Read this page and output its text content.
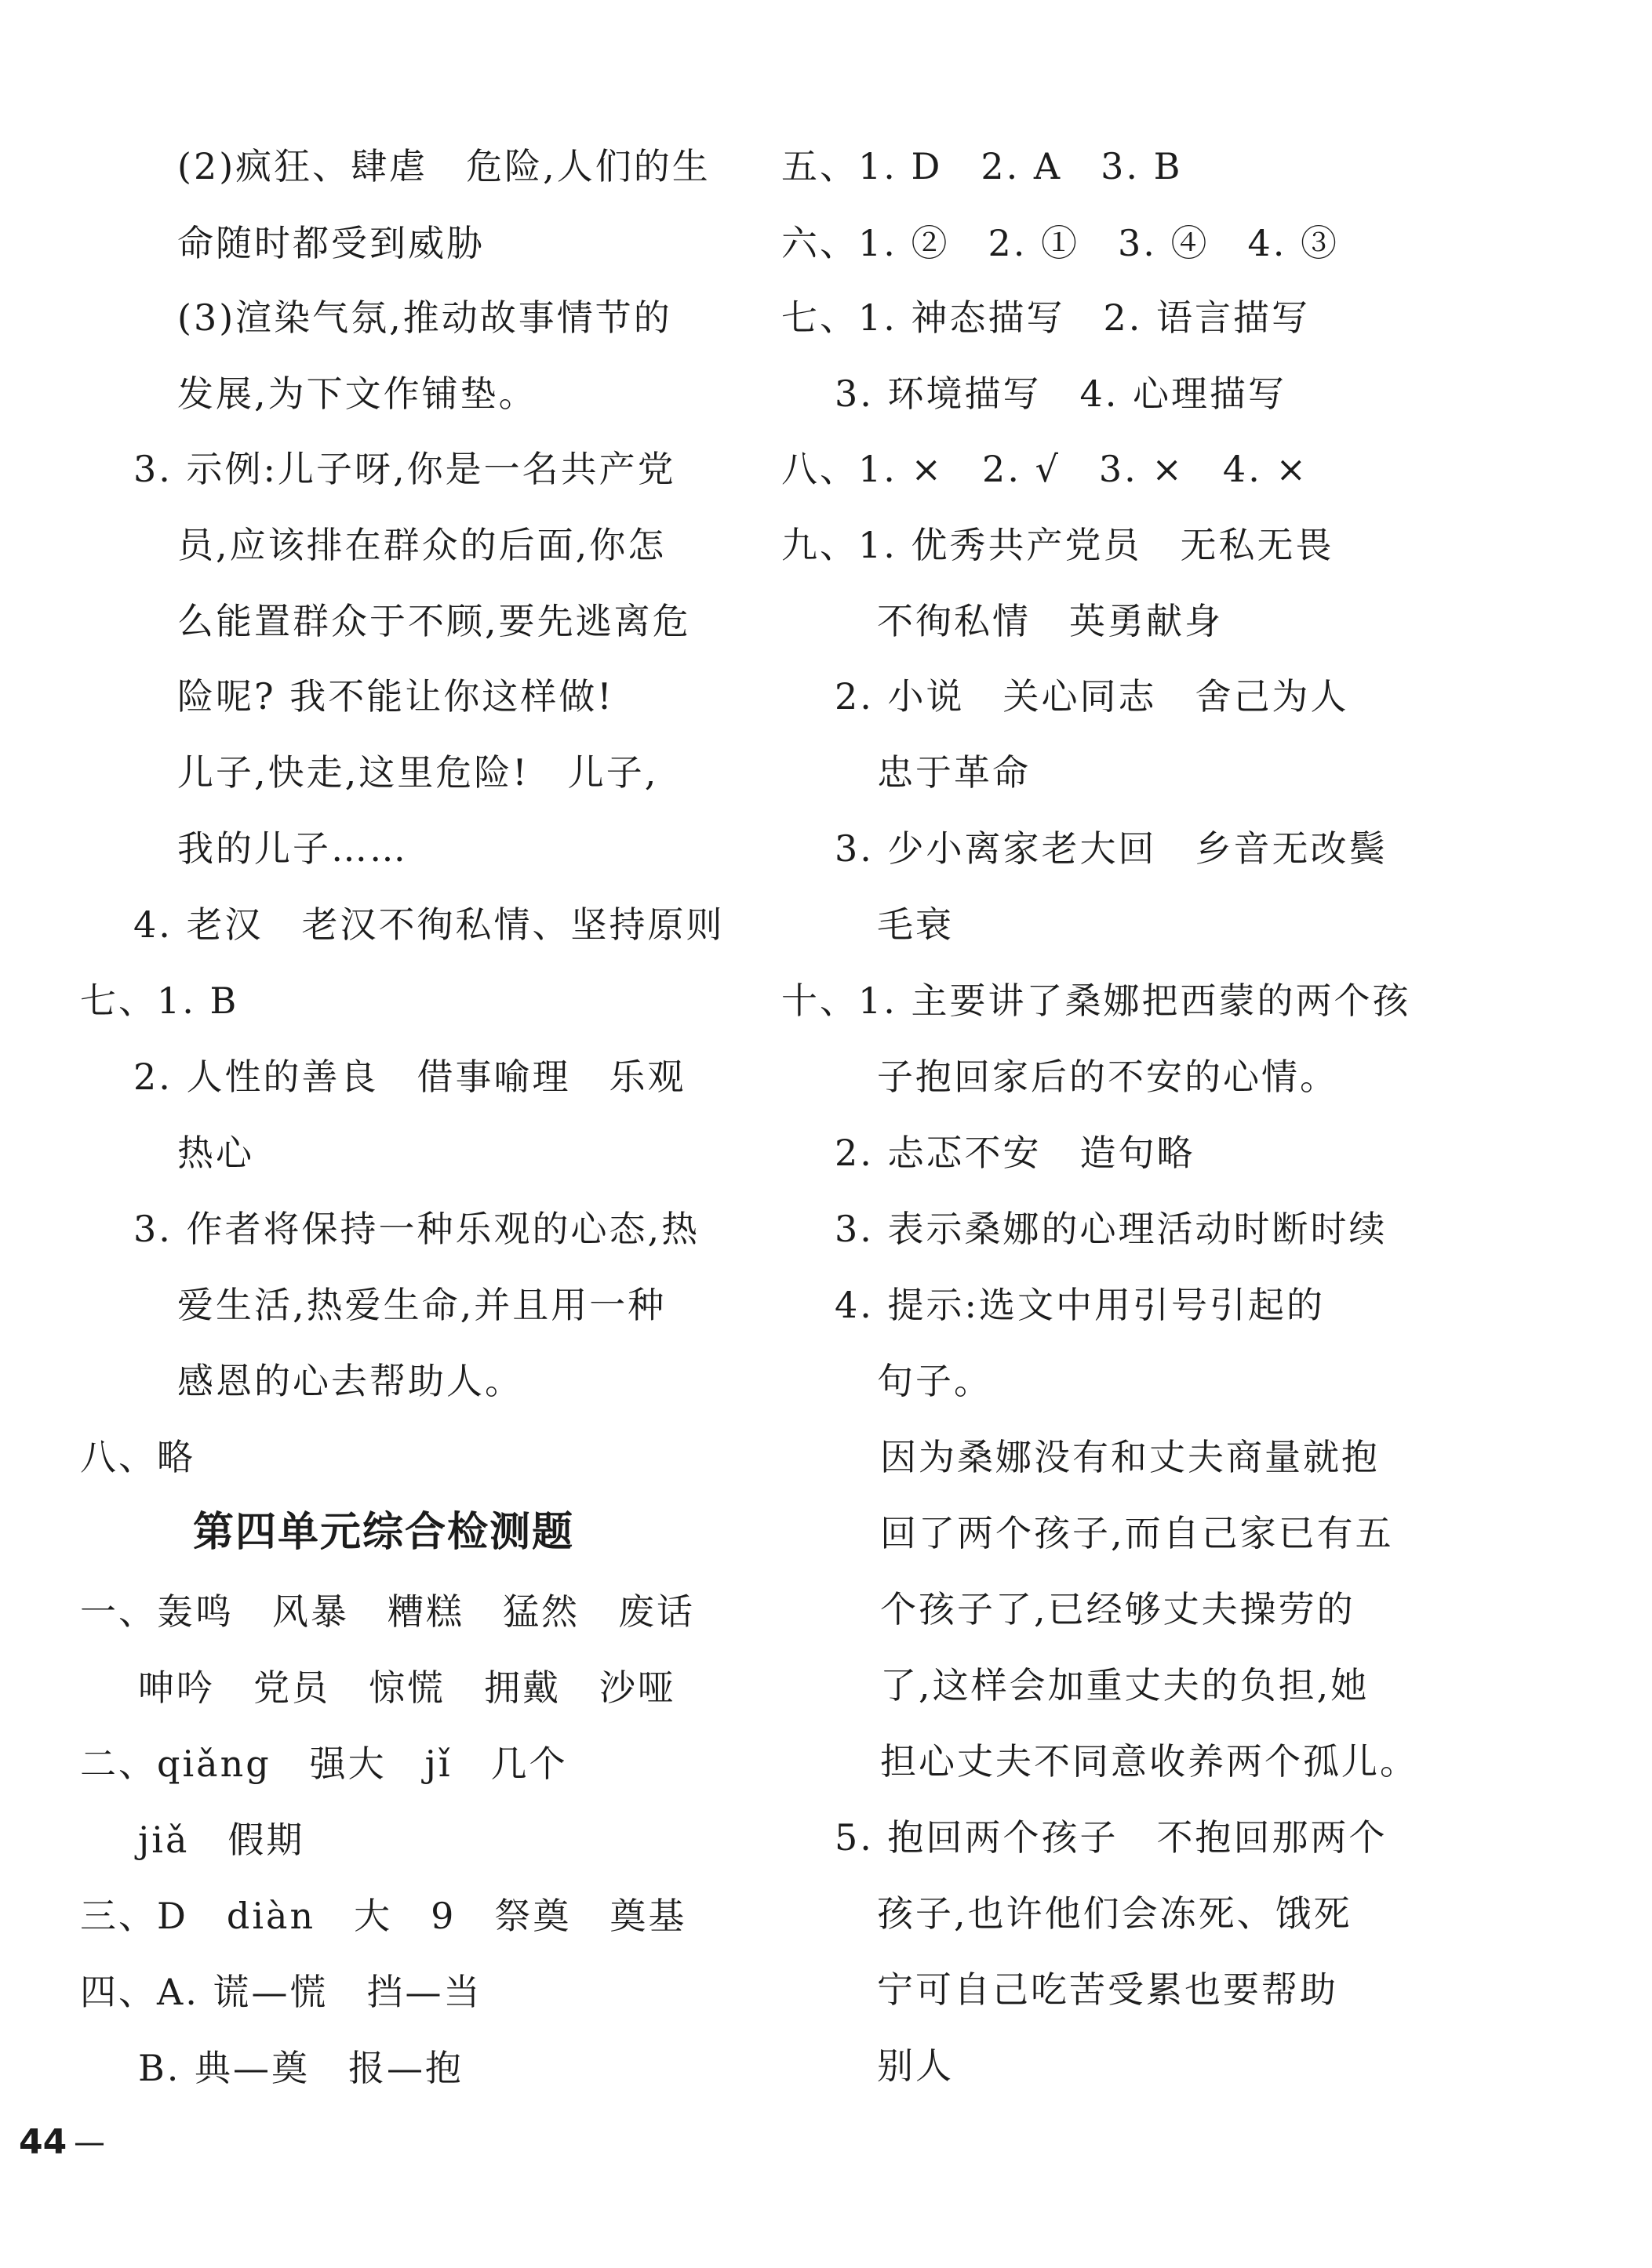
(2)疯狂、肆虐　危险,人们的生
命随时都受到威胁
(3)渲染气氛,推动故事情节的
发展,为下文作铺垫。
3. 示例:儿子呀,你是一名共产党
员,应该排在群众的后面,你怎
么能置群众于不顾,要先逃离危
险呢? 我不能让你这样做!
儿子,快走,这里危险!　儿子,
我的儿子……
4. 老汉　老汉不徇私情、坚持原则
七、1. B
2. 人性的善良　借事喻理　乐观
热心
3. 作者将保持一种乐观的心态,热
爱生活,热爱生命,并且用一种
感恩的心去帮助人。
八、略
第四单元综合检测题
一、轰鸣　风暴　糟糕　猛然　废话
呻吟　党员　惊慌　拥戴　沙哑
二、qiǎng　强大　jǐ　几个
jiǎ　假期
三、D　diàn　大　9　祭奠　奠基
四、A. 谎—慌　挡—当
B. 典—奠　报—抱
五、1. D　2. A　3. B
六、1. ②　2. ①　3. ④　4. ③
七、1. 神态描写　2. 语言描写
3. 环境描写　4. 心理描写
八、1. ×　2. √　3. ×　4. ×
九、1. 优秀共产党员　无私无畏
不徇私情　英勇献身
2. 小说　关心同志　舍己为人
忠于革命
3. 少小离家老大回　乡音无改鬓
毛衰
十、1. 主要讲了桑娜把西蒙的两个孩
子抱回家后的不安的心情。
2. 忐忑不安　造句略
3. 表示桑娜的心理活动时断时续
4. 提示:选文中用引号引起的
句子。
因为桑娜没有和丈夫商量就抱
回了两个孩子,而自己家已有五
个孩子了,已经够丈夫操劳的
了,这样会加重丈夫的负担,她
担心丈夫不同意收养两个孤儿。
5. 抱回两个孩子　不抱回那两个
孩子,也许他们会冻死、饿死
宁可自己吃苦受累也要帮助
别人
44 —
